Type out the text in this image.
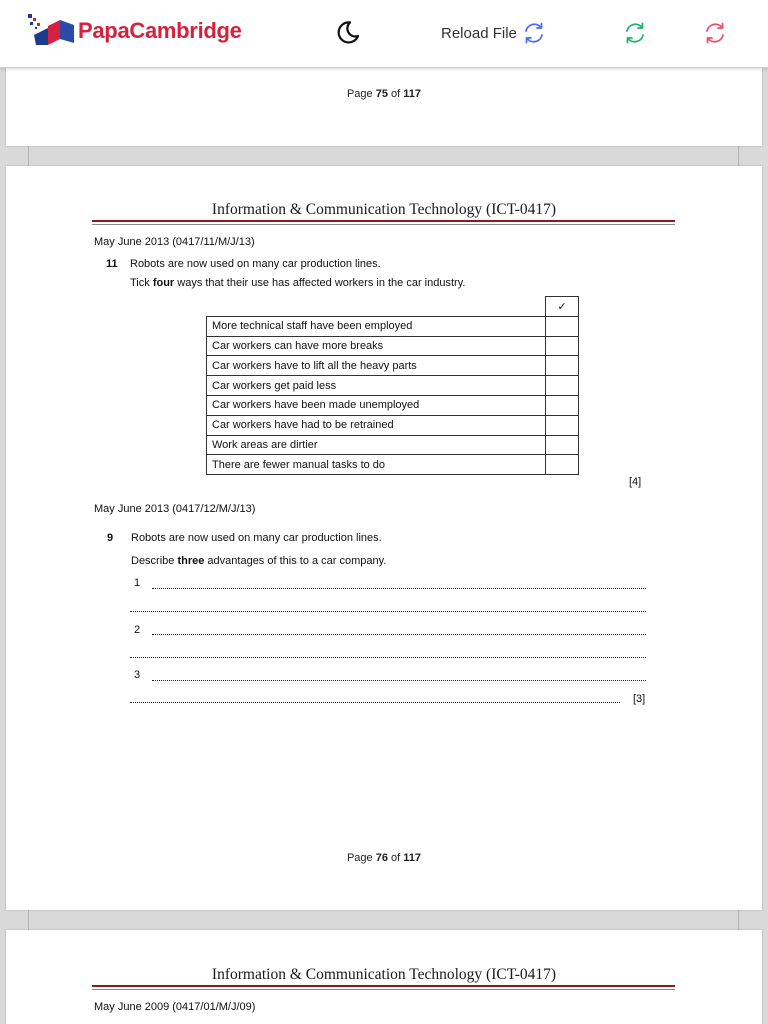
PapaCambridge	Reload File
Page 75 of 117
Information & Communication Technology (ICT-0417)
May June 2013 (0417/11/M/J/13)
11 Robots are now used on many car production lines.
Tick four ways that their use has affected workers in the car industry.
	✓
More technical staff have been employed	
Car workers can have more breaks	
Car workers have to lift all the heavy parts	
Car workers get paid less	
Car workers have been made unemployed	
Car workers have had to be retrained	
Work areas are dirtier	
There are fewer manual tasks to do	
[4]
May June 2013 (0417/12/M/J/13)
9 Robots are now used on many car production lines.
Describe three advantages of this to a car company.
1
2
3
[3]
Page 76 of 117
Information & Communication Technology (ICT-0417)
May June 2009 (0417/01/M/J/09)
